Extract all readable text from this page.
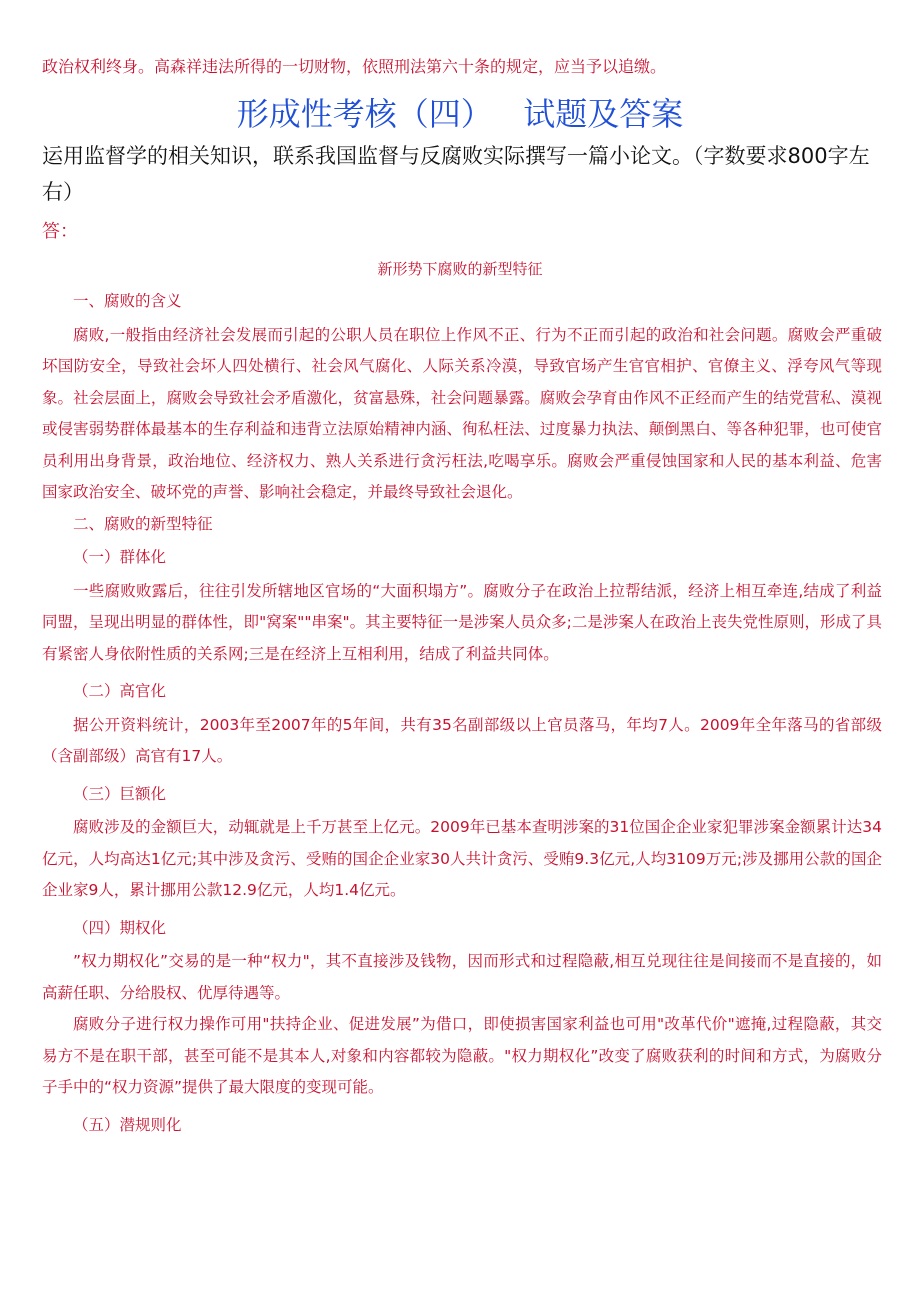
政治权利终身。高森祥违法所得的一切财物，依照刑法第六十条的规定，应当予以追缴。
形成性考核（四） 试题及答案
运用监督学的相关知识，联系我国监督与反腐败实际撰写一篇小论文。（字数要求800字左右）
答：
新形势下腐败的新型特征
一、腐败的含义

腐败,一般指由经济社会发展而引起的公职人员在职位上作风不正、行为不正而引起的政治和社会问题。腐败会严重破坏国防安全，导致社会坏人四处横行、社会风气腐化、人际关系冷漠，导致官场产生官官相护、官僚主义、浮夸风气等现象。社会层面上，腐败会导致社会矛盾激化，贫富悬殊，社会问题暴露。腐败会孕育由作风不正经而产生的结党营私、漠视或侵害弱势群体最基本的生存利益和违背立法原始精神内涵、徇私枉法、过度暴力执法、颠倒黑白、等各种犯罪，也可使官员利用出身背景，政治地位、经济权力、熟人关系进行贪污枉法,吃喝享乐。腐败会严重侵蚀国家和人民的基本利益、危害国家政治安全、破坏党的声誉、影响社会稳定，并最终导致社会退化。

二、腐败的新型特征
（一）群体化

一些腐败败露后，往往引发所辖地区官场的“大面积塌方”。腐败分子在政治上拉帮结派，经济上相互牵连,结成了利益同盟，呈现出明显的群体性，即"窝案""串案"。其主要特征一是涉案人员众多;二是涉案人在政治上丧失党性原则，形成了具有紧密人身依附性质的关系网;三是在经济上互相利用，结成了利益共同体。

（二）高官化

据公开资料统计，2003年至2007年的5年间，共有35名副部级以上官员落马，年均7人。2009年全年落马的省部级（含副部级）高官有17人。

（三）巨额化

腐败涉及的金额巨大，动辄就是上千万甚至上亿元。2009年已基本查明涉案的31位国企企业家犯罪涉案金额累计达34亿元，人均高达1亿元;其中涉及贪污、受贿的国企企业家30人共计贪污、受贿9.3亿元,人均3109万元;涉及挪用公款的国企企业家9人，累计挪用公款12.9亿元，人均1.4亿元。

（四）期权化

”权力期权化”交易的是一种“权力"，其不直接涉及钱物，因而形式和过程隐蔽,相互兑现往往是间接而不是直接的，如高薪任职、分给股权、优厚待遇等。

腐败分子进行权力操作可用"扶持企业、促进发展”为借口，即使损害国家利益也可用"改革代价"遮掩,过程隐蔽，其交易方不是在职干部，甚至可能不是其本人,对象和内容都较为隐蔽。"权力期权化”改变了腐败获利的时间和方式，为腐败分子手中的“权力资源”提供了最大限度的变现可能。

（五）潜规则化
